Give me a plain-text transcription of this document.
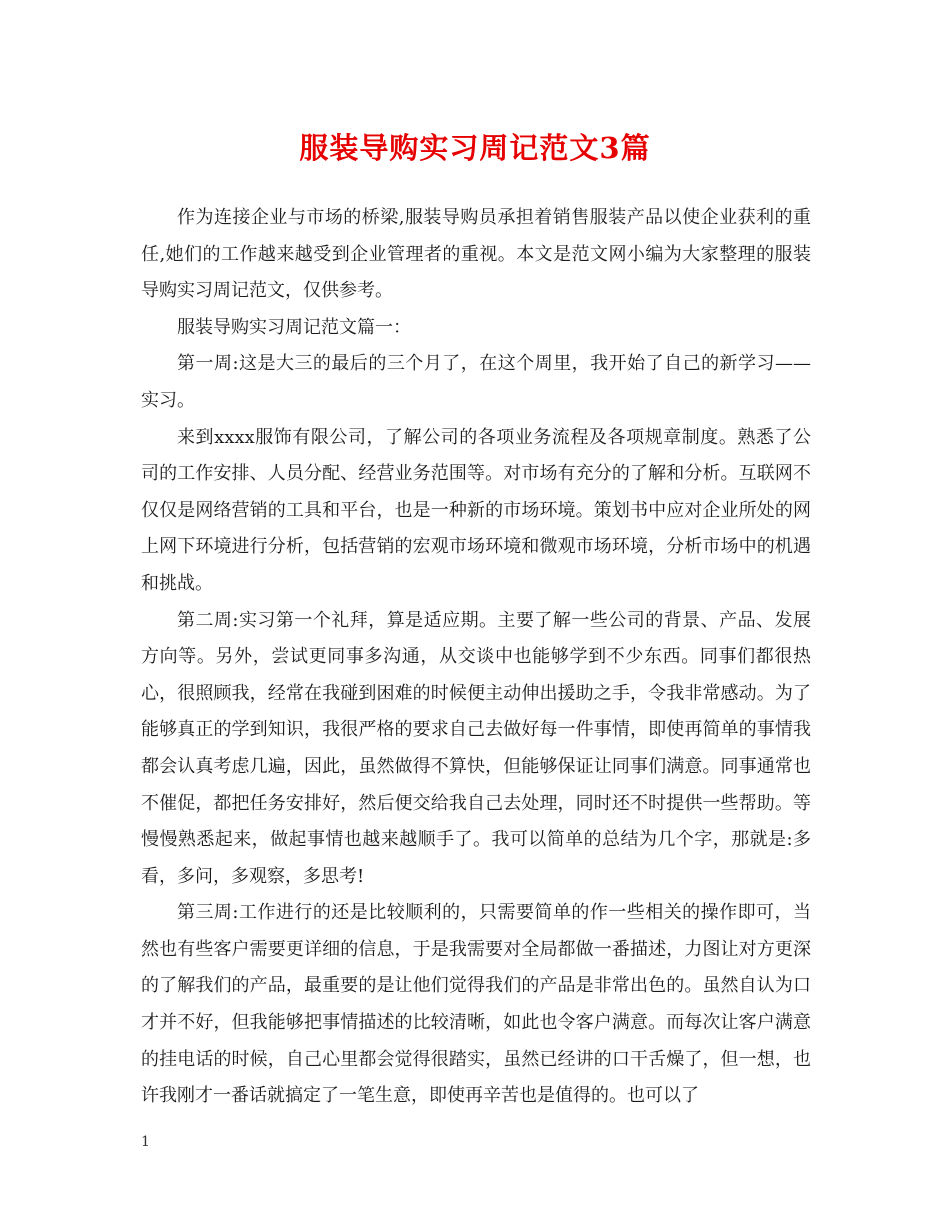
服装导购实习周记范文3篇

作为连接企业与市场的桥梁,服装导购员承担着销售服装产品以使企业获利的重任,她们的工作越来越受到企业管理者的重视。本文是范文网小编为大家整理的服装导购实习周记范文，仅供参考。

服装导购实习周记范文篇一：

第一周:这是大三的最后的三个月了，在这个周里，我开始了自己的新学习——实习。

来到xxxx服饰有限公司，了解公司的各项业务流程及各项规章制度。熟悉了公司的工作安排、人员分配、经营业务范围等。对市场有充分的了解和分析。互联网不仅仅是网络营销的工具和平台，也是一种新的市场环境。策划书中应对企业所处的网上网下环境进行分析，包括营销的宏观市场环境和微观市场环境，分析市场中的机遇和挑战。

第二周:实习第一个礼拜，算是适应期。主要了解一些公司的背景、产品、发展方向等。另外，尝试更同事多沟通，从交谈中也能够学到不少东西。同事们都很热心，很照顾我，经常在我碰到困难的时候便主动伸出援助之手，令我非常感动。为了能够真正的学到知识，我很严格的要求自己去做好每一件事情，即使再简单的事情我都会认真考虑几遍，因此，虽然做得不算快，但能够保证让同事们满意。同事通常也不催促，都把任务安排好，然后便交给我自己去处理，同时还不时提供一些帮助。等慢慢熟悉起来，做起事情也越来越顺手了。我可以简单的总结为几个字，那就是:多看，多问，多观察，多思考!

第三周:工作进行的还是比较顺利的，只需要简单的作一些相关的操作即可，当然也有些客户需要更详细的信息，于是我需要对全局都做一番描述，力图让对方更深的了解我们的产品，最重要的是让他们觉得我们的产品是非常出色的。虽然自认为口才并不好，但我能够把事情描述的比较清晰，如此也令客户满意。而每次让客户满意的挂电话的时候，自己心里都会觉得很踏实，虽然已经讲的口干舌燥了，但一想，也许我刚才一番话就搞定了一笔生意，即使再辛苦也是值得的。也可以了

1
